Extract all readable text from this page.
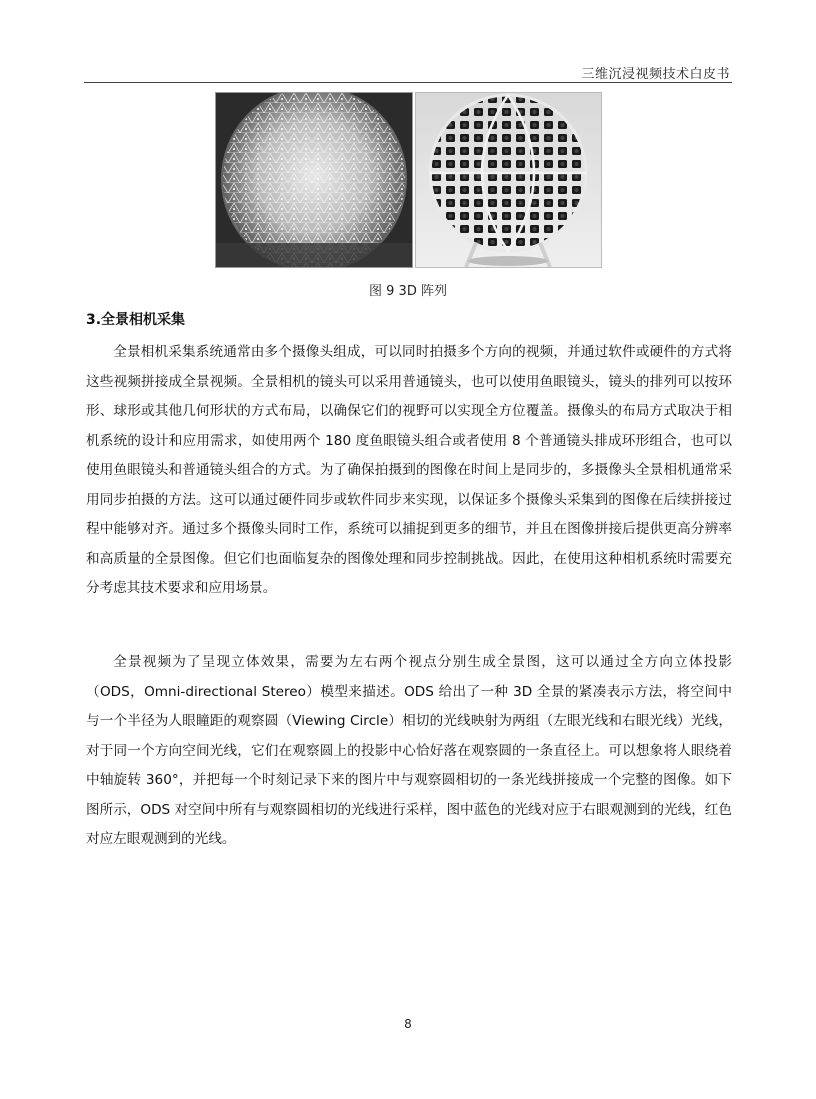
三维沉浸视频技术白皮书
图 9 3D 阵列
3.全景相机采集

全景相机采集系统通常由多个摄像头组成，可以同时拍摄多个方向的视频，并通过软件或硬件的方式将这些视频拼接成全景视频。全景相机的镜头可以采用普通镜头，也可以使用鱼眼镜头，镜头的排列可以按环形、球形或其他几何形状的方式布局，以确保它们的视野可以实现全方位覆盖。摄像头的布局方式取决于相机系统的设计和应用需求，如使用两个 180 度鱼眼镜头组合或者使用 8 个普通镜头排成环形组合，也可以使用鱼眼镜头和普通镜头组合的方式。为了确保拍摄到的图像在时间上是同步的，多摄像头全景相机通常采用同步拍摄的方法。这可以通过硬件同步或软件同步来实现，以保证多个摄像头采集到的图像在后续拼接过程中能够对齐。通过多个摄像头同时工作，系统可以捕捉到更多的细节，并且在图像拼接后提供更高分辨率和高质量的全景图像。但它们也面临复杂的图像处理和同步控制挑战。因此，在使用这种相机系统时需要充分考虑其技术要求和应用场景。

全景视频为了呈现立体效果，需要为左右两个视点分别生成全景图，这可以通过全方向立体投影（ODS，Omni-directional Stereo）模型来描述。ODS 给出了一种 3D 全景的紧凑表示方法，将空间中与一个半径为人眼瞳距的观察圆（Viewing Circle）相切的光线映射为两组（左眼光线和右眼光线）光线，对于同一个方向空间光线，它们在观察圆上的投影中心恰好落在观察圆的一条直径上。可以想象将人眼绕着中轴旋转 360°，并把每一个时刻记录下来的图片中与观察圆相切的一条光线拼接成一个完整的图像。如下图所示，ODS 对空间中所有与观察圆相切的光线进行采样，图中蓝色的光线对应于右眼观测到的光线，红色对应左眼观测到的光线。

8
